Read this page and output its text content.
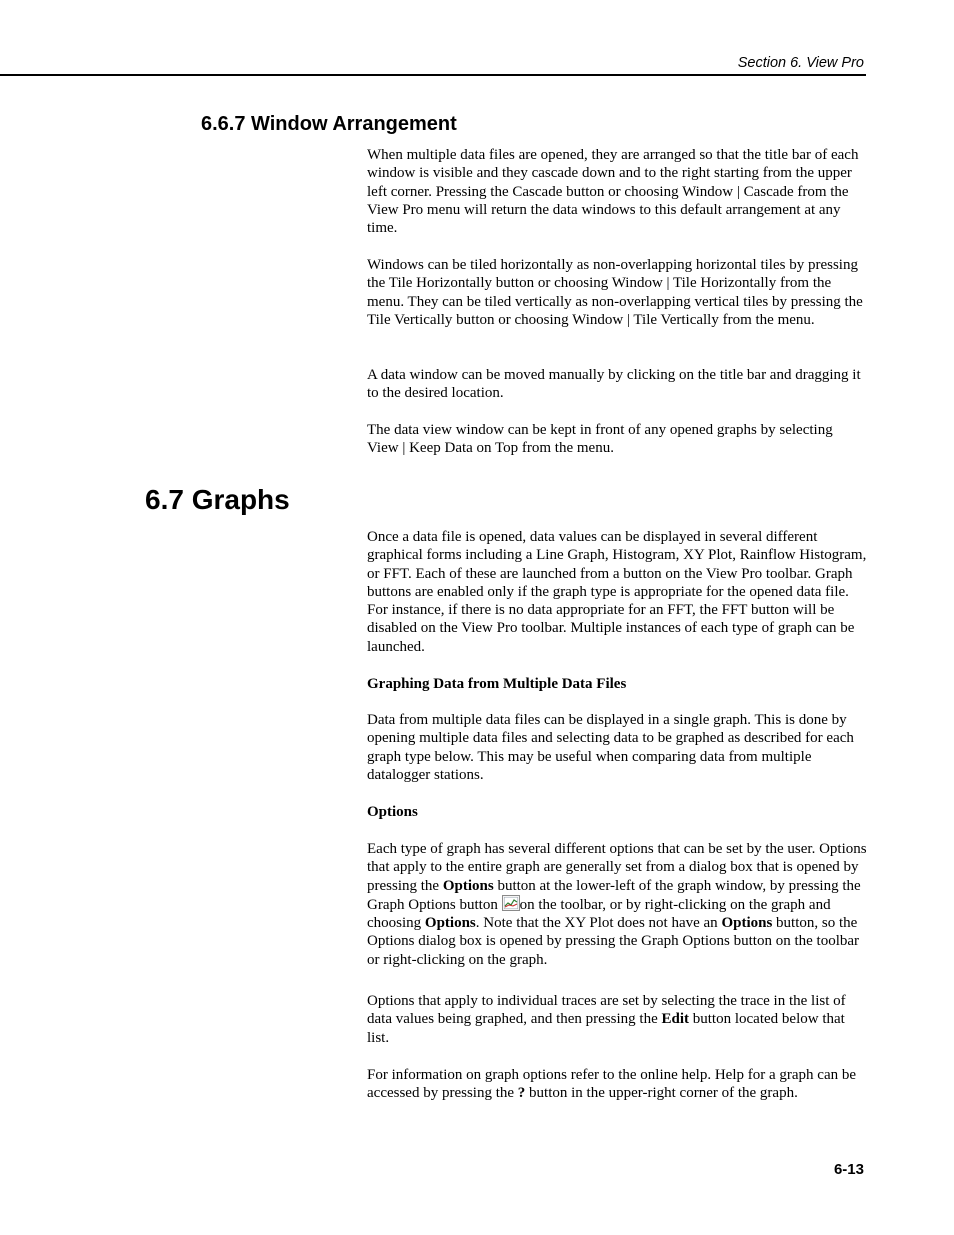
Section 6. View Pro
6.6.7 Window Arrangement

When multiple data files are opened, they are arranged so that the title bar of each window is visible and they cascade down and to the right starting from the upper left corner. Pressing the Cascade button or choosing Window | Cascade from the View Pro menu will return the data windows to this default arrangement at any time.

Windows can be tiled horizontally as non-overlapping horizontal tiles by pressing the Tile Horizontally button or choosing Window | Tile Horizontally from the menu. They can be tiled vertically as non-overlapping vertical tiles by pressing the Tile Vertically button or choosing Window | Tile Vertically from the menu.

A data window can be moved manually by clicking on the title bar and dragging it to the desired location.

The data view window can be kept in front of any opened graphs by selecting View | Keep Data on Top from the menu.

6.7 Graphs

Once a data file is opened, data values can be displayed in several different graphical forms including a Line Graph, Histogram, XY Plot, Rainflow Histogram, or FFT. Each of these are launched from a button on the View Pro toolbar. Graph buttons are enabled only if the graph type is appropriate for the opened data file. For instance, if there is no data appropriate for an FFT, the FFT button will be disabled on the View Pro toolbar. Multiple instances of each type of graph can be launched.

Graphing Data from Multiple Data Files

Data from multiple data files can be displayed in a single graph. This is done by opening multiple data files and selecting data to be graphed as described for each graph type below. This may be useful when comparing data from multiple datalogger stations.

Options

Each type of graph has several different options that can be set by the user. Options that apply to the entire graph are generally set from a dialog box that is opened by pressing the Options button at the lower-left of the graph window, by pressing the Graph Options button
on the toolbar, or by right-clicking on the graph and choosing Options. Note that the XY Plot does not have an Options button, so the Options dialog box is opened by pressing the Graph Options button on the toolbar or right-clicking on the graph.

Options that apply to individual traces are set by selecting the trace in the list of data values being graphed, and then pressing the Edit button located below that list.

For information on graph options refer to the online help. Help for a graph can be accessed by pressing the ? button in the upper-right corner of the graph.

6-13
